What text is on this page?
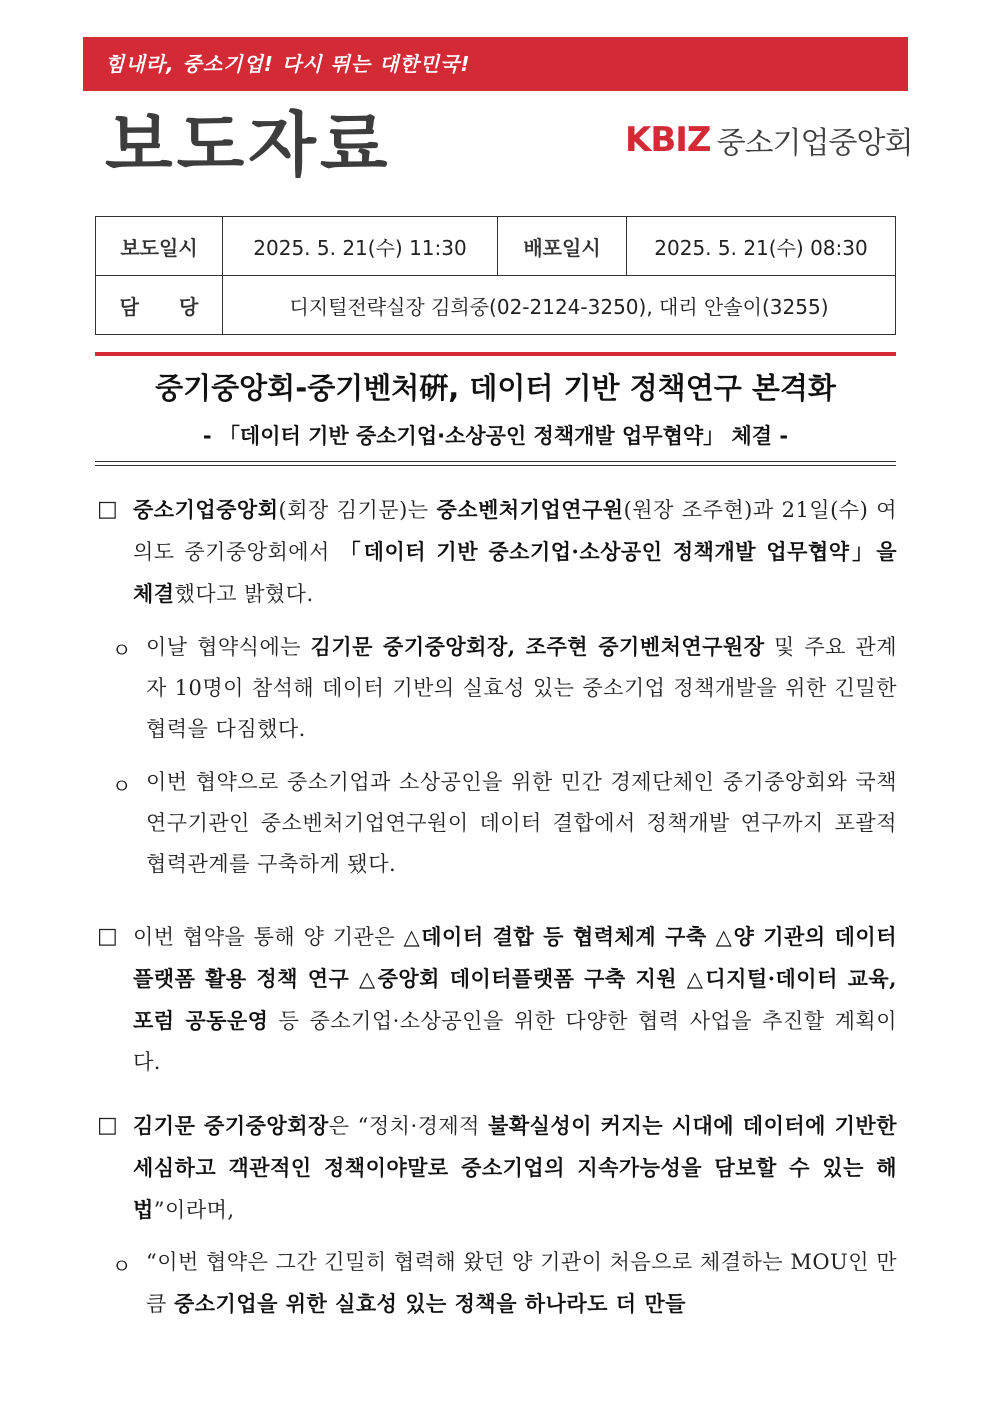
힘내라, 중소기업! 다시 뛰는 대한민국!
보도자료	KBIZ 중소기업중앙회
보도일시	2025. 5. 21(수) 11:30	배포일시	2025. 5. 21(수) 08:30
담　　당	디지털전략실장 김희중(02-2124-3250), 대리 안솔이(3255)		
중기중앙회-중기벤처硏, 데이터 기반 정책연구 본격화
- 「데이터 기반 중소기업·소상공인 정책개발 업무협약」 체결 -
□ 중소기업중앙회(회장 김기문)는 중소벤처기업연구원(원장 조주현)과 21일(수) 여의도 중기중앙회에서 「데이터 기반 중소기업·소상공인 정책개발 업무협약」을 체결했다고 밝혔다.
ㅇ 이날 협약식에는 김기문 중기중앙회장, 조주현 중기벤처연구원장 및 주요 관계자 10명이 참석해 데이터 기반의 실효성 있는 중소기업 정책개발을 위한 긴밀한 협력을 다짐했다.
ㅇ 이번 협약으로 중소기업과 소상공인을 위한 민간 경제단체인 중기중앙회와 국책 연구기관인 중소벤처기업연구원이 데이터 결합에서 정책개발 연구까지 포괄적 협력관계를 구축하게 됐다.
□ 이번 협약을 통해 양 기관은 △데이터 결합 등 협력체계 구축 △양 기관의 데이터플랫폼 활용 정책 연구 △중앙회 데이터플랫폼 구축 지원 △디지털·데이터 교육, 포럼 공동운영 등 중소기업·소상공인을 위한 다양한 협력 사업을 추진할 계획이다.
□ 김기문 중기중앙회장은 “정치·경제적 불확실성이 커지는 시대에 데이터에 기반한 세심하고 객관적인 정책이야말로 중소기업의 지속가능성을 담보할 수 있는 해법”이라며,
ㅇ “이번 협약은 그간 긴밀히 협력해 왔던 양 기관이 처음으로 체결하는 MOU인 만큼 중소기업을 위한 실효성 있는 정책을 하나라도 더 만들
